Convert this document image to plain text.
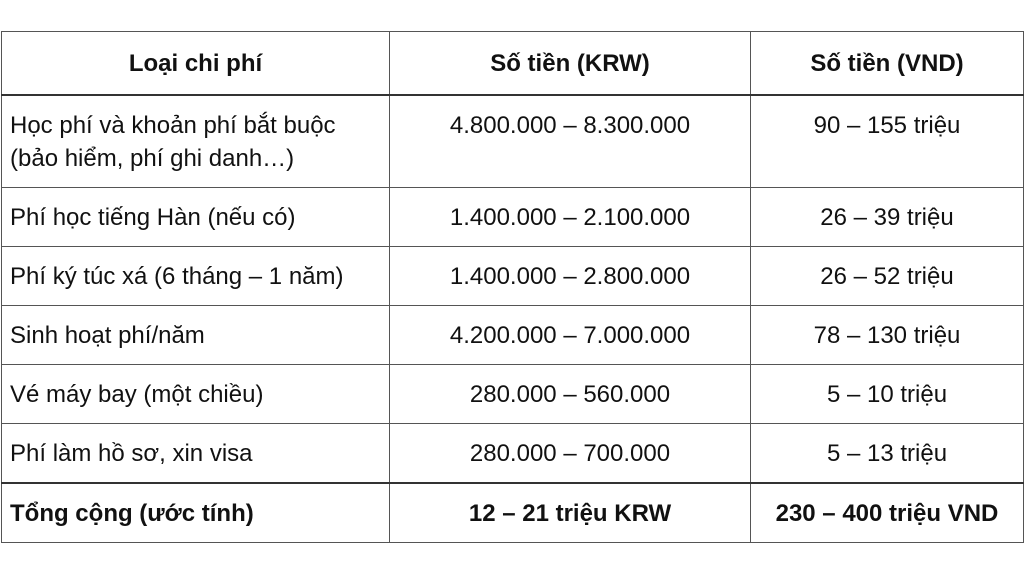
Loại chi phí	Số tiền (KRW)	Số tiền (VND)

Học phí và khoản phí bắt buộc
(bảo hiểm, phí ghi danh…)	4.800.000 – 8.300.000	90 – 155 triệu
Phí học tiếng Hàn (nếu có)	1.400.000 – 2.100.000	26 – 39 triệu
Phí ký túc xá (6 tháng – 1 năm)	1.400.000 – 2.800.000	26 – 52 triệu
Sinh hoạt phí/năm	4.200.000 – 7.000.000	78 – 130 triệu
Vé máy bay (một chiều)	280.000 – 560.000	5 – 10 triệu
Phí làm hồ sơ, xin visa	280.000 – 700.000	5 – 13 triệu
Tổng cộng (ước tính)	12 – 21 triệu KRW	230 – 400 triệu VND
